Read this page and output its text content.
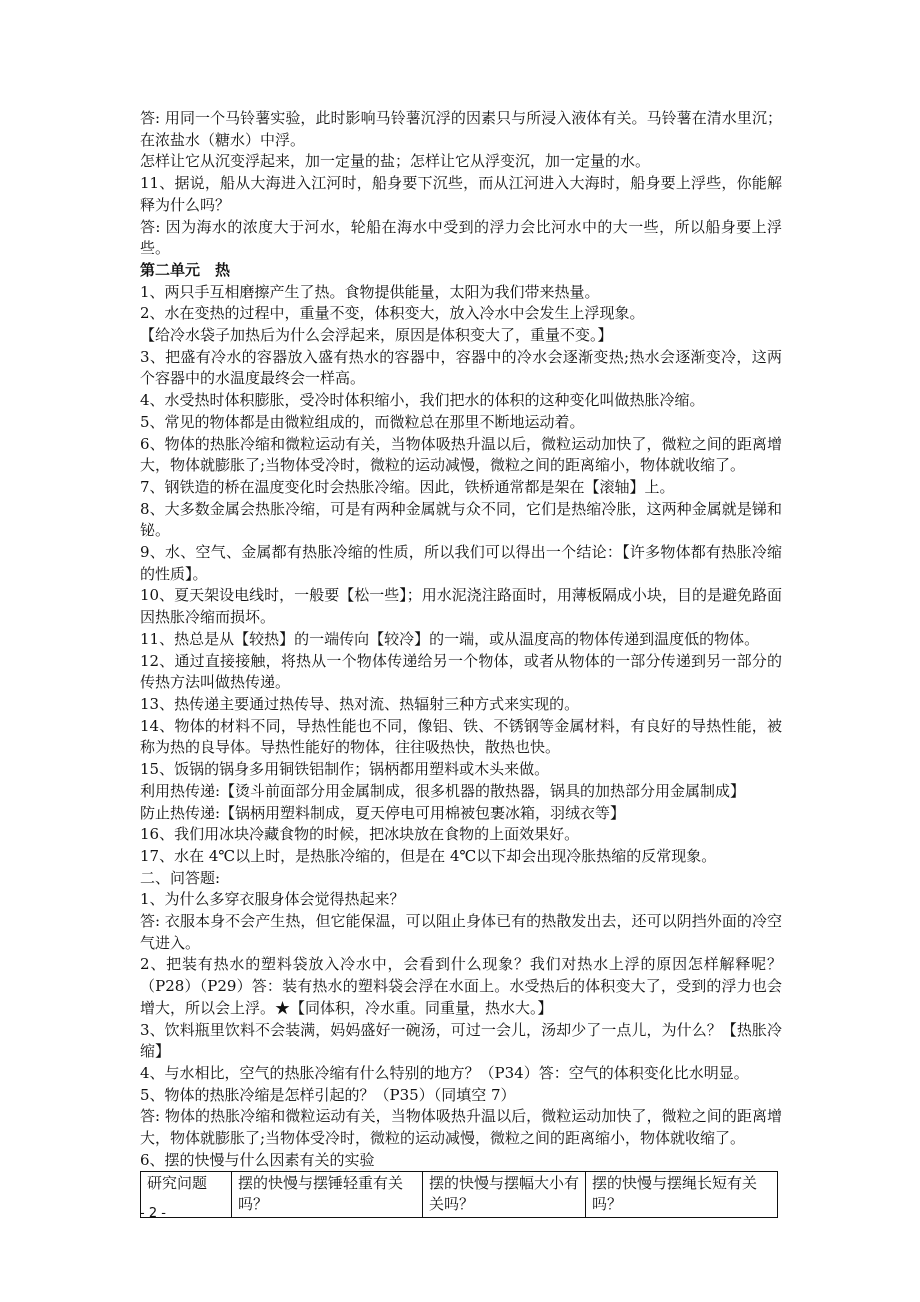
答: 用同一个马铃薯实验，此时影响马铃薯沉浮的因素只与所浸入液体有关。马铃薯在清水里沉；在浓盐水（糖水）中浮。

怎样让它从沉变浮起来，加一定量的盐；怎样让它从浮变沉，加一定量的水。

11、据说，船从大海进入江河时，船身要下沉些，而从江河进入大海时，船身要上浮些，你能解释为什么吗？

答: 因为海水的浓度大于河水，轮船在海水中受到的浮力会比河水中的大一些，所以船身要上浮些。

第二单元　热

1、两只手互相磨擦产生了热。食物提供能量，太阳为我们带来热量。

2、水在变热的过程中，重量不变，体积变大，放入冷水中会发生上浮现象。

【给冷水袋子加热后为什么会浮起来，原因是体积变大了，重量不变。】

3、把盛有冷水的容器放入盛有热水的容器中，容器中的冷水会逐渐变热;热水会逐渐变冷，这两个容器中的水温度最终会一样高。

4、水受热时体积膨胀，受冷时体积缩小，我们把水的体积的这种变化叫做热胀冷缩。

5、常见的物体都是由微粒组成的，而微粒总在那里不断地运动着。

6、物体的热胀冷缩和微粒运动有关，当物体吸热升温以后，微粒运动加快了，微粒之间的距离增大，物体就膨胀了;当物体受冷时，微粒的运动减慢，微粒之间的距离缩小，物体就收缩了。

7、钢铁造的桥在温度变化时会热胀冷缩。因此，铁桥通常都是架在【滚轴】上。

8、大多数金属会热胀冷缩，可是有两种金属就与众不同，它们是热缩冷胀，这两种金属就是锑和铋。

9、水、空气、金属都有热胀冷缩的性质，所以我们可以得出一个结论：【许多物体都有热胀冷缩的性质】。

10、夏天架设电线时，一般要【松一些】；用水泥浇注路面时，用薄板隔成小块，目的是避免路面因热胀冷缩而损坏。

11、热总是从【较热】的一端传向【较冷】的一端，或从温度高的物体传递到温度低的物体。

12、通过直接接触，将热从一个物体传递给另一个物体，或者从物体的一部分传递到另一部分的传热方法叫做热传递。

13、热传递主要通过热传导、热对流、热辐射三种方式来实现的。

14、物体的材料不同，导热性能也不同，像铝、铁、不锈钢等金属材料，有良好的导热性能，被称为热的良导体。导热性能好的物体，往往吸热快，散热也快。

15、饭锅的锅身多用铜铁铝制作；锅柄都用塑料或木头来做。

利用热传递:【烫斗前面部分用金属制成，很多机器的散热器，锅具的加热部分用金属制成】

防止热传递:【锅柄用塑料制成，夏天停电可用棉被包裹冰箱，羽绒衣等】

16、我们用冰块冷藏食物的时候，把冰块放在食物的上面效果好。

17、水在 4℃以上时，是热胀冷缩的，但是在 4℃以下却会出现冷胀热缩的反常现象。

二、问答题:

1、为什么多穿衣服身体会觉得热起来？

答: 衣服本身不会产生热，但它能保温，可以阻止身体已有的热散发出去，还可以阴挡外面的冷空气进入。

2、把装有热水的塑料袋放入冷水中，会看到什么现象？我们对热水上浮的原因怎样解释呢？（P28）（P29）答：装有热水的塑料袋会浮在水面上。水受热后的体积变大了，受到的浮力也会增大，所以会上浮。★【同体积，冷水重。同重量，热水大。】

3、饮料瓶里饮料不会装满，妈妈盛好一碗汤，可过一会儿，汤却少了一点儿，为什么？【热胀冷缩】

4、与水相比，空气的热胀冷缩有什么特别的地方？（P34）答：空气的体积变化比水明显。

5、物体的热胀冷缩是怎样引起的？（P35）（同填空 7）

答: 物体的热胀冷缩和微粒运动有关，当物体吸热升温以后，微粒运动加快了，微粒之间的距离增大，物体就膨胀了;当物体受冷时，微粒的运动减慢，微粒之间的距离缩小，物体就收缩了。

6、摆的快慢与什么因素有关的实验

研究问题	摆的快慢与摆锤轻重有关吗？	摆的快慢与摆幅大小有关吗？	摆的快慢与摆绳长短有关吗？
- 2 -
